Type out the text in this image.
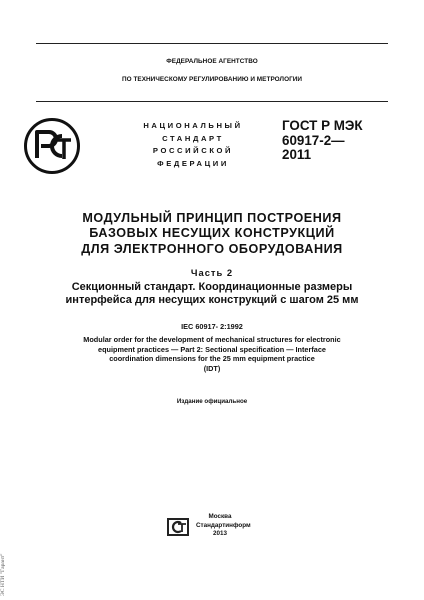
ФЕДЕРАЛЬНОЕ АГЕНТСТВО
ПО ТЕХНИЧЕСКОМУ РЕГУЛИРОВАНИЮ И МЕТРОЛОГИИ
НАЦИОНАЛЬНЫЙ
СТАНДАРТ
РОССИЙСКОЙ
ФЕДЕРАЦИИ
ГОСТ Р МЭК
60917-2—
2011
МОДУЛЬНЫЙ ПРИНЦИП ПОСТРОЕНИЯ
БАЗОВЫХ НЕСУЩИХ КОНСТРУКЦИЙ
ДЛЯ ЭЛЕКТРОННОГО ОБОРУДОВАНИЯ
Часть 2
Секционный стандарт. Координационные размеры
интерфейса для несущих конструкций с шагом 25 мм
IEC 60917- 2:1992
Modular order for the development of mechanical structures for electronic
equipment practices — Part 2: Sectional specification — Interface
coordination dimensions for the 25 mm equipment practice
(IDT)
Издание официальное
Москва
Стандартинформ
2013
ЭС НТИ "Гарант"
